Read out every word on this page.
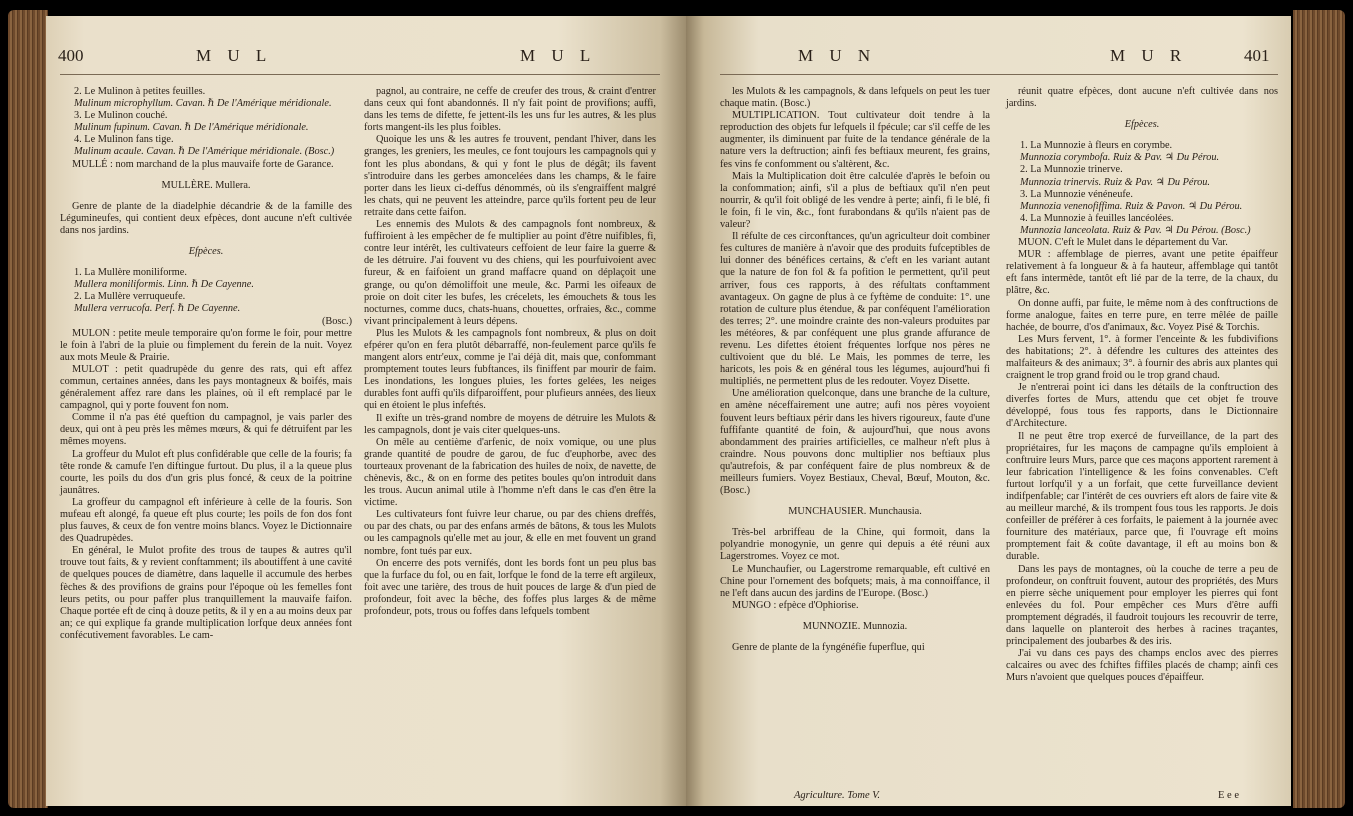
400	M U L	M U L

2. Le Mulinon à petites feuilles.

Mulinum microphyllum. Cavan. ℏ De l'Amérique méridionale.

3. Le Mulinon couché.

Mulinum fupinum. Cavan. ℏ De l'Amérique méridionale.

4. Le Mulinon fans tige.

Mulinum acaule. Cavan. ℏ De l'Amérique méridionale. (Bosc.)

MULLÉ : nom marchand de la plus mauvaife forte de Garance.

MULLÈRE. Mullera.

Genre de plante de la diadelphie décandrie & de la famille des Légumineufes, qui contient deux efpèces, dont aucune n'eft cultivée dans nos jardins.

Efpèces.

1. La Mullère moniliforme.

Mullera moniliformis. Linn. ℏ De Cayenne.

2. La Mullère verruqueufe.

Mullera verrucofa. Perf. ℏ De Cayenne.

(Bosc.)

MULON : petite meule temporaire qu'on forme le foir, pour mettre le foin à l'abri de la pluie ou fimplement du ferein de la nuit. Voyez aux mots Meule & Prairie.

MULOT : petit quadrupède du genre des rats, qui eft affez commun, certaines années, dans les pays montagneux & boifés, mais généralement affez rare dans les plaines, où il eft remplacé par le campagnol, qui y porte fouvent fon nom.

Comme il n'a pas été queftion du campagnol, je vais parler des deux, qui ont à peu près les mêmes mœurs, & qui fe détruifent par les mêmes moyens.

La groffeur du Mulot eft plus confidérable que celle de la fouris; fa tête ronde & camufe l'en diftingue furtout. Du plus, il a la queue plus courte, les poils du dos d'un gris plus foncé, & ceux de la poitrine jaunâtres.

La groffeur du campagnol eft inférieure à celle de la fouris. Son mufeau eft alongé, fa queue eft plus courte; les poils de fon dos font plus fauves, & ceux de fon ventre moins blancs. Voyez le Dictionnaire des Quadrupèdes.

En général, le Mulot profite des trous de taupes & autres qu'il trouve tout faits, & y revient conftamment; ils aboutiffent à une cavité de quelques pouces de diamètre, dans laquelle il accumule des herbes fèches & des provifions de grains pour l'époque où les femelles font leurs petits, ou pour paffer plus tranquillement la mauvaife faifon. Chaque portée eft de cinq à douze petits, & il y en a au moins deux par an; ce qui explique fa grande multiplication lorfque deux années font confécutivement favorables. Le cam-

pagnol, au contraire, ne ceffe de creufer des trous, & craint d'entrer dans ceux qui font abandonnés. Il n'y fait point de provifions; auffi, dans les tems de difette, fe jettent-ils les uns fur les autres, & les plus forts mangent-ils les plus foibles.

Quoique les uns & les autres fe trouvent, pendant l'hiver, dans les granges, les greniers, les meules, ce font toujours les campagnols qui y font les plus abondans, & qui y font le plus de dégât; ils favent s'introduire dans les gerbes amoncelées dans les champs, & le faire porter dans les lieux ci-deffus dénommés, où ils s'engraiffent malgré les chats, qui ne peuvent les atteindre, parce qu'ils fortent peu de leur retraite dans cette faifon.

Les ennemis des Mulots & des campagnols font nombreux, & fuffiroient à les empêcher de fe multiplier au point d'être nuifibles, fi, contre leur intérêt, les cultivateurs ceffoient de leur faire la guerre & de les détruire. J'ai fouvent vu des chiens, qui les pourfuivoient avec fureur, & en faifoient un grand maffacre quand on déplaçoit une grange, ou qu'on démoliffoit une meule, &c. Parmi les oifeaux de proie on doit citer les bufes, les crécelets, les émouchets & tous les nocturnes, comme ducs, chats-huans, chouettes, orfraies, &c., comme vivant principalement à leurs dépens.

Plus les Mulots & les campagnols font nombreux, & plus on doit efpérer qu'on en fera plutôt débarraffé, non-feulement parce qu'ils fe mangent alors entr'eux, comme je l'ai déjà dit, mais que, confommant promptement toutes leurs fubftances, ils finiffent par mourir de faim. Les inondations, les longues pluies, les fortes gelées, les neiges durables font auffi qu'ils difparoiffent, pour plufieurs années, des lieux qui en étoient le plus infeftés.

Il exifte un très-grand nombre de moyens de détruire les Mulots & les campagnols, dont je vais citer quelques-uns.

On mêle au centième d'arfenic, de noix vomique, ou une plus grande quantité de poudre de garou, de fuc d'euphorbe, avec des tourteaux provenant de la fabrication des huiles de noix, de navette, de chènevis, &c., & on en forme des petites boules qu'on introduit dans les trous. Aucun animal utile à l'homme n'eft dans le cas d'en être la victime.

Les cultivateurs font fuivre leur charue, ou par des chiens dreffés, ou par des chats, ou par des enfans armés de bâtons, & tous les Mulots ou les campagnols qu'elle met au jour, & elle en met fouvent un grand nombre, font tués par eux.

On encerre des pots vernifés, dont les bords font un peu plus bas que la furface du fol, ou en fait, lorfque le fond de la terre eft argileux, foit avec une tarière, des trous de huit pouces de large & d'un pied de profondeur, foit avec la bêche, des foffes plus larges & de même profondeur, pots, trous ou foffes dans lefquels tombent

M U N	M U R	401

les Mulots & les campagnols, & dans lefquels on peut les tuer chaque matin. (Bosc.)

MULTIPLICATION. Tout cultivateur doit tendre à la reproduction des objets fur lefquels il fpécule; car s'il ceffe de les augmenter, ils diminuent par fuite de la tendance générale de la nature vers la deftruction; ainfi fes beftiaux meurent, fes grains, fes vins fe confomment ou s'altèrent, &c.

Mais la Multiplication doit être calculée d'après le befoin ou la confommation; ainfi, s'il a plus de beftiaux qu'il n'en peut nourrir, & qu'il foit obligé de les vendre à perte; ainfi, fi le blé, fi le foin, fi le vin, &c., font furabondans & qu'ils n'aient pas de valeur?

Il réfulte de ces circonftances, qu'un agriculteur doit combiner fes cultures de manière à n'avoir que des produits fufceptibles de lui donner des bénéfices certains, & c'eft en les variant autant que la nature de fon fol & fa pofition le permettent, qu'il peut arriver, fous ces rapports, à des réfultats conftamment avantageux. On gagne de plus à ce fyftème de conduite: 1°. une rotation de culture plus étendue, & par conféquent l'amélioration des terres; 2°. une moindre crainte des non-valeurs produites par les météores, & par conféquent une plus grande affurance de revenu. Les difettes étoient fréquentes lorfque nos pères ne cultivoient que du blé. Le Mais, les pommes de terre, les haricots, les pois & en général tous les légumes, aujourd'hui fi multipliés, ne permettent plus de les redouter. Voyez Disette.

Une amélioration quelconque, dans une branche de la culture, en amène néceffairement une autre; aufi nos pères voyoient fouvent leurs beftiaux périr dans les hivers rigoureux, faute d'une fuffifante quantité de foin, & aujourd'hui, que nous avons abondamment des prairies artificielles, ce malheur n'eft plus à craindre. Nous pouvons donc multiplier nos beftiaux plus qu'autrefois, & par conféquent faire de plus nombreux & de meilleurs fumiers. Voyez Bestiaux, Cheval, Bœuf, Mouton, &c. (Bosc.)

MUNCHAUSIER. Munchausia.

Très-bel arbriffeau de la Chine, qui formoit, dans la polyandrie monogynie, un genre qui depuis a été réuni aux Lagerstromes. Voyez ce mot.

Le Munchaufier, ou Lagerstrome remarquable, eft cultivé en Chine pour l'ornement des bofquets; mais, à ma connoiffance, il ne l'eft dans aucun des jardins de l'Europe. (Bosc.)

MUNGO : efpèce d'Ophiorise.

MUNNOZIE. Munnozia.

Genre de plante de la fyngénéfie fuperflue, qui

réunit quatre efpèces, dont aucune n'eft cultivée dans nos jardins.

Efpèces.

1. La Munnozie à fleurs en corymbe.

Munnozia corymbofa. Ruiz & Pav. ♃ Du Pérou.

2. La Munnozie trinerve.

Munnozia trinervis. Ruiz & Pav. ♃ Du Pérou.

3. La Munnozie vénéneufe.

Munnozia venenofiffima. Ruiz & Pavon. ♃ Du Pérou.

4. La Munnozie à feuilles lancéolées.

Munnozia lanceolata. Ruiz & Pav. ♃ Du Pérou. (Bosc.)

MUON. C'eft le Mulet dans le département du Var.

MUR : affemblage de pierres, avant une petite épaiffeur relativement à fa longueur & à fa hauteur, affemblage qui tantôt eft fans intermède, tantôt eft lié par de la terre, de la chaux, du plâtre, &c.

On donne auffi, par fuite, le même nom à des conftructions de forme analogue, faites en terre pure, en terre mêlée de paille hachée, de bourre, d'os d'animaux, &c. Voyez Pisé & Torchis.

Les Murs fervent, 1°. à former l'enceinte & les fubdivifions des habitations; 2°. à défendre les cultures des atteintes des malfaiteurs & des animaux; 3°. à fournir des abris aux plantes qui craignent le trop grand froid ou le trop grand chaud.

Je n'entrerai point ici dans les détails de la conftruction des diverfes fortes de Murs, attendu que cet objet fe trouve développé, fous tous fes rapports, dans le Dictionnaire d'Architecture.

Il ne peut être trop exercé de furveillance, de la part des propriétaires, fur les maçons de campagne qu'ils emploient à conftruire leurs Murs, parce que ces maçons apportent rarement à leur fabrication l'intelligence & les foins convenables. C'eft furtout lorfqu'il y a un forfait, que cette furveillance devient indifpenfable; car l'intérêt de ces ouvriers eft alors de faire vite & au meilleur marché, & ils trompent fous tous les rapports. Je dois confeiller de préférer à ces forfaits, le paiement à la journée avec fourniture des matériaux, parce que, fi l'ouvrage eft moins promptement fait & coûte davantage, il eft au moins bon & durable.

Dans les pays de montagnes, où la couche de terre a peu de profondeur, on conftruit fouvent, autour des propriétés, des Murs en pierre sèche uniquement pour employer les pierres qui font enlevées du fol. Pour empêcher ces Murs d'être auffi promptement dégradés, il faudroit toujours les recouvrir de terre, dans laquelle on planteroit des herbes à racines traçantes, principalement des joubarbes & des iris.

J'ai vu dans ces pays des champs enclos avec des pierres calcaires ou avec des fchiftes fiffiles placés de champ; ainfi ces Murs n'avoient que quelques pouces d'épaiffeur.

Agriculture. Tome V.	E e e
